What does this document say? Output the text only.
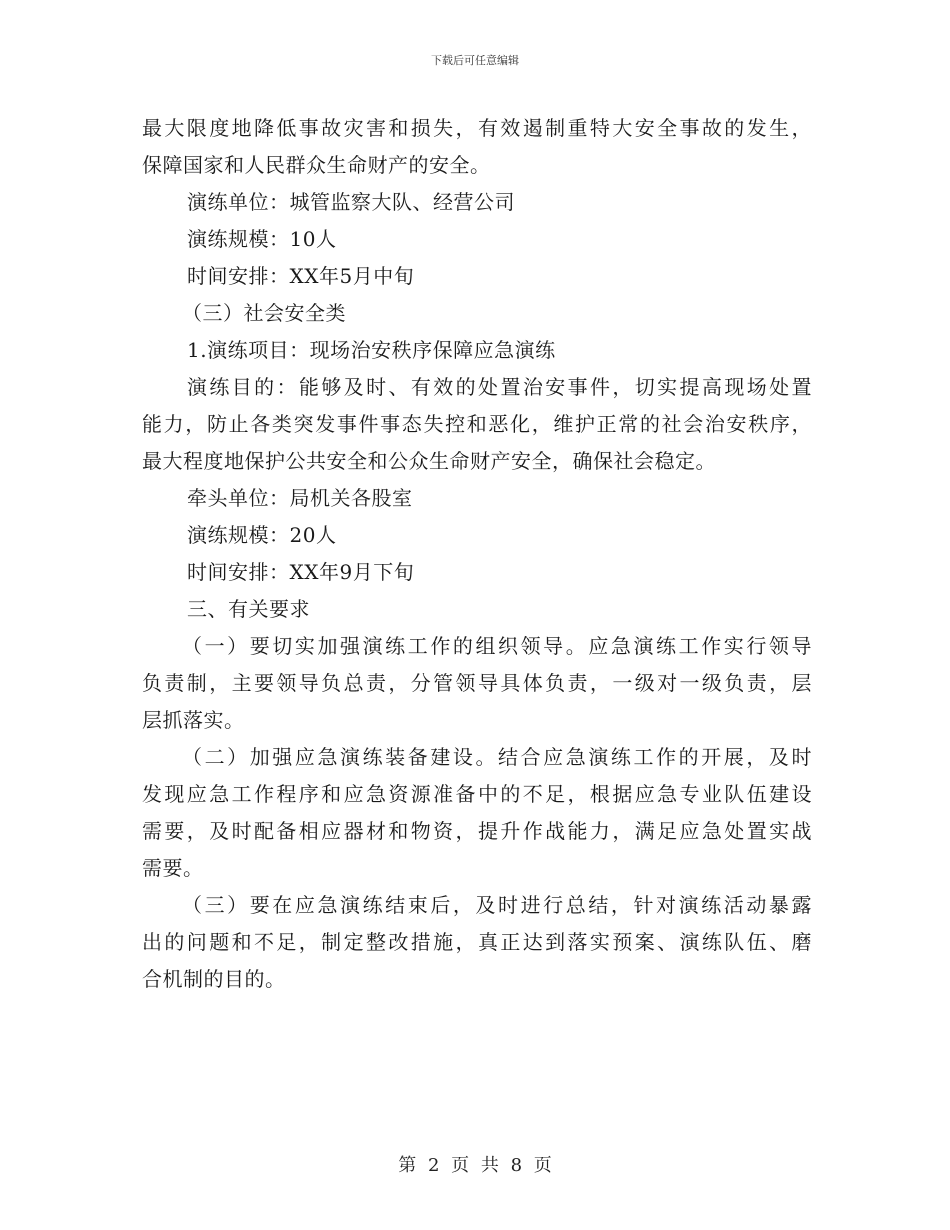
下载后可任意编辑
最大限度地降低事故灾害和损失，有效遏制重特大安全事故的发生，
保障国家和人民群众生命财产的安全。
演练单位：城管监察大队、经营公司
演练规模：10人
时间安排：XX年5月中旬
（三）社会安全类
1.演练项目：现场治安秩序保障应急演练
演练目的：能够及时、有效的处置治安事件，切实提高现场处置
能力，防止各类突发事件事态失控和恶化，维护正常的社会治安秩序，
最大程度地保护公共安全和公众生命财产安全，确保社会稳定。
牵头单位：局机关各股室
演练规模：20人
时间安排：XX年9月下旬
三、有关要求
（一）要切实加强演练工作的组织领导。应急演练工作实行领导
负责制，主要领导负总责，分管领导具体负责，一级对一级负责，层
层抓落实。
（二）加强应急演练装备建设。结合应急演练工作的开展，及时
发现应急工作程序和应急资源准备中的不足，根据应急专业队伍建设
需要，及时配备相应器材和物资，提升作战能力，满足应急处置实战
需要。
（三）要在应急演练结束后，及时进行总结，针对演练活动暴露
出的问题和不足，制定整改措施，真正达到落实预案、演练队伍、磨
合机制的目的。
第 2 页 共 8 页
